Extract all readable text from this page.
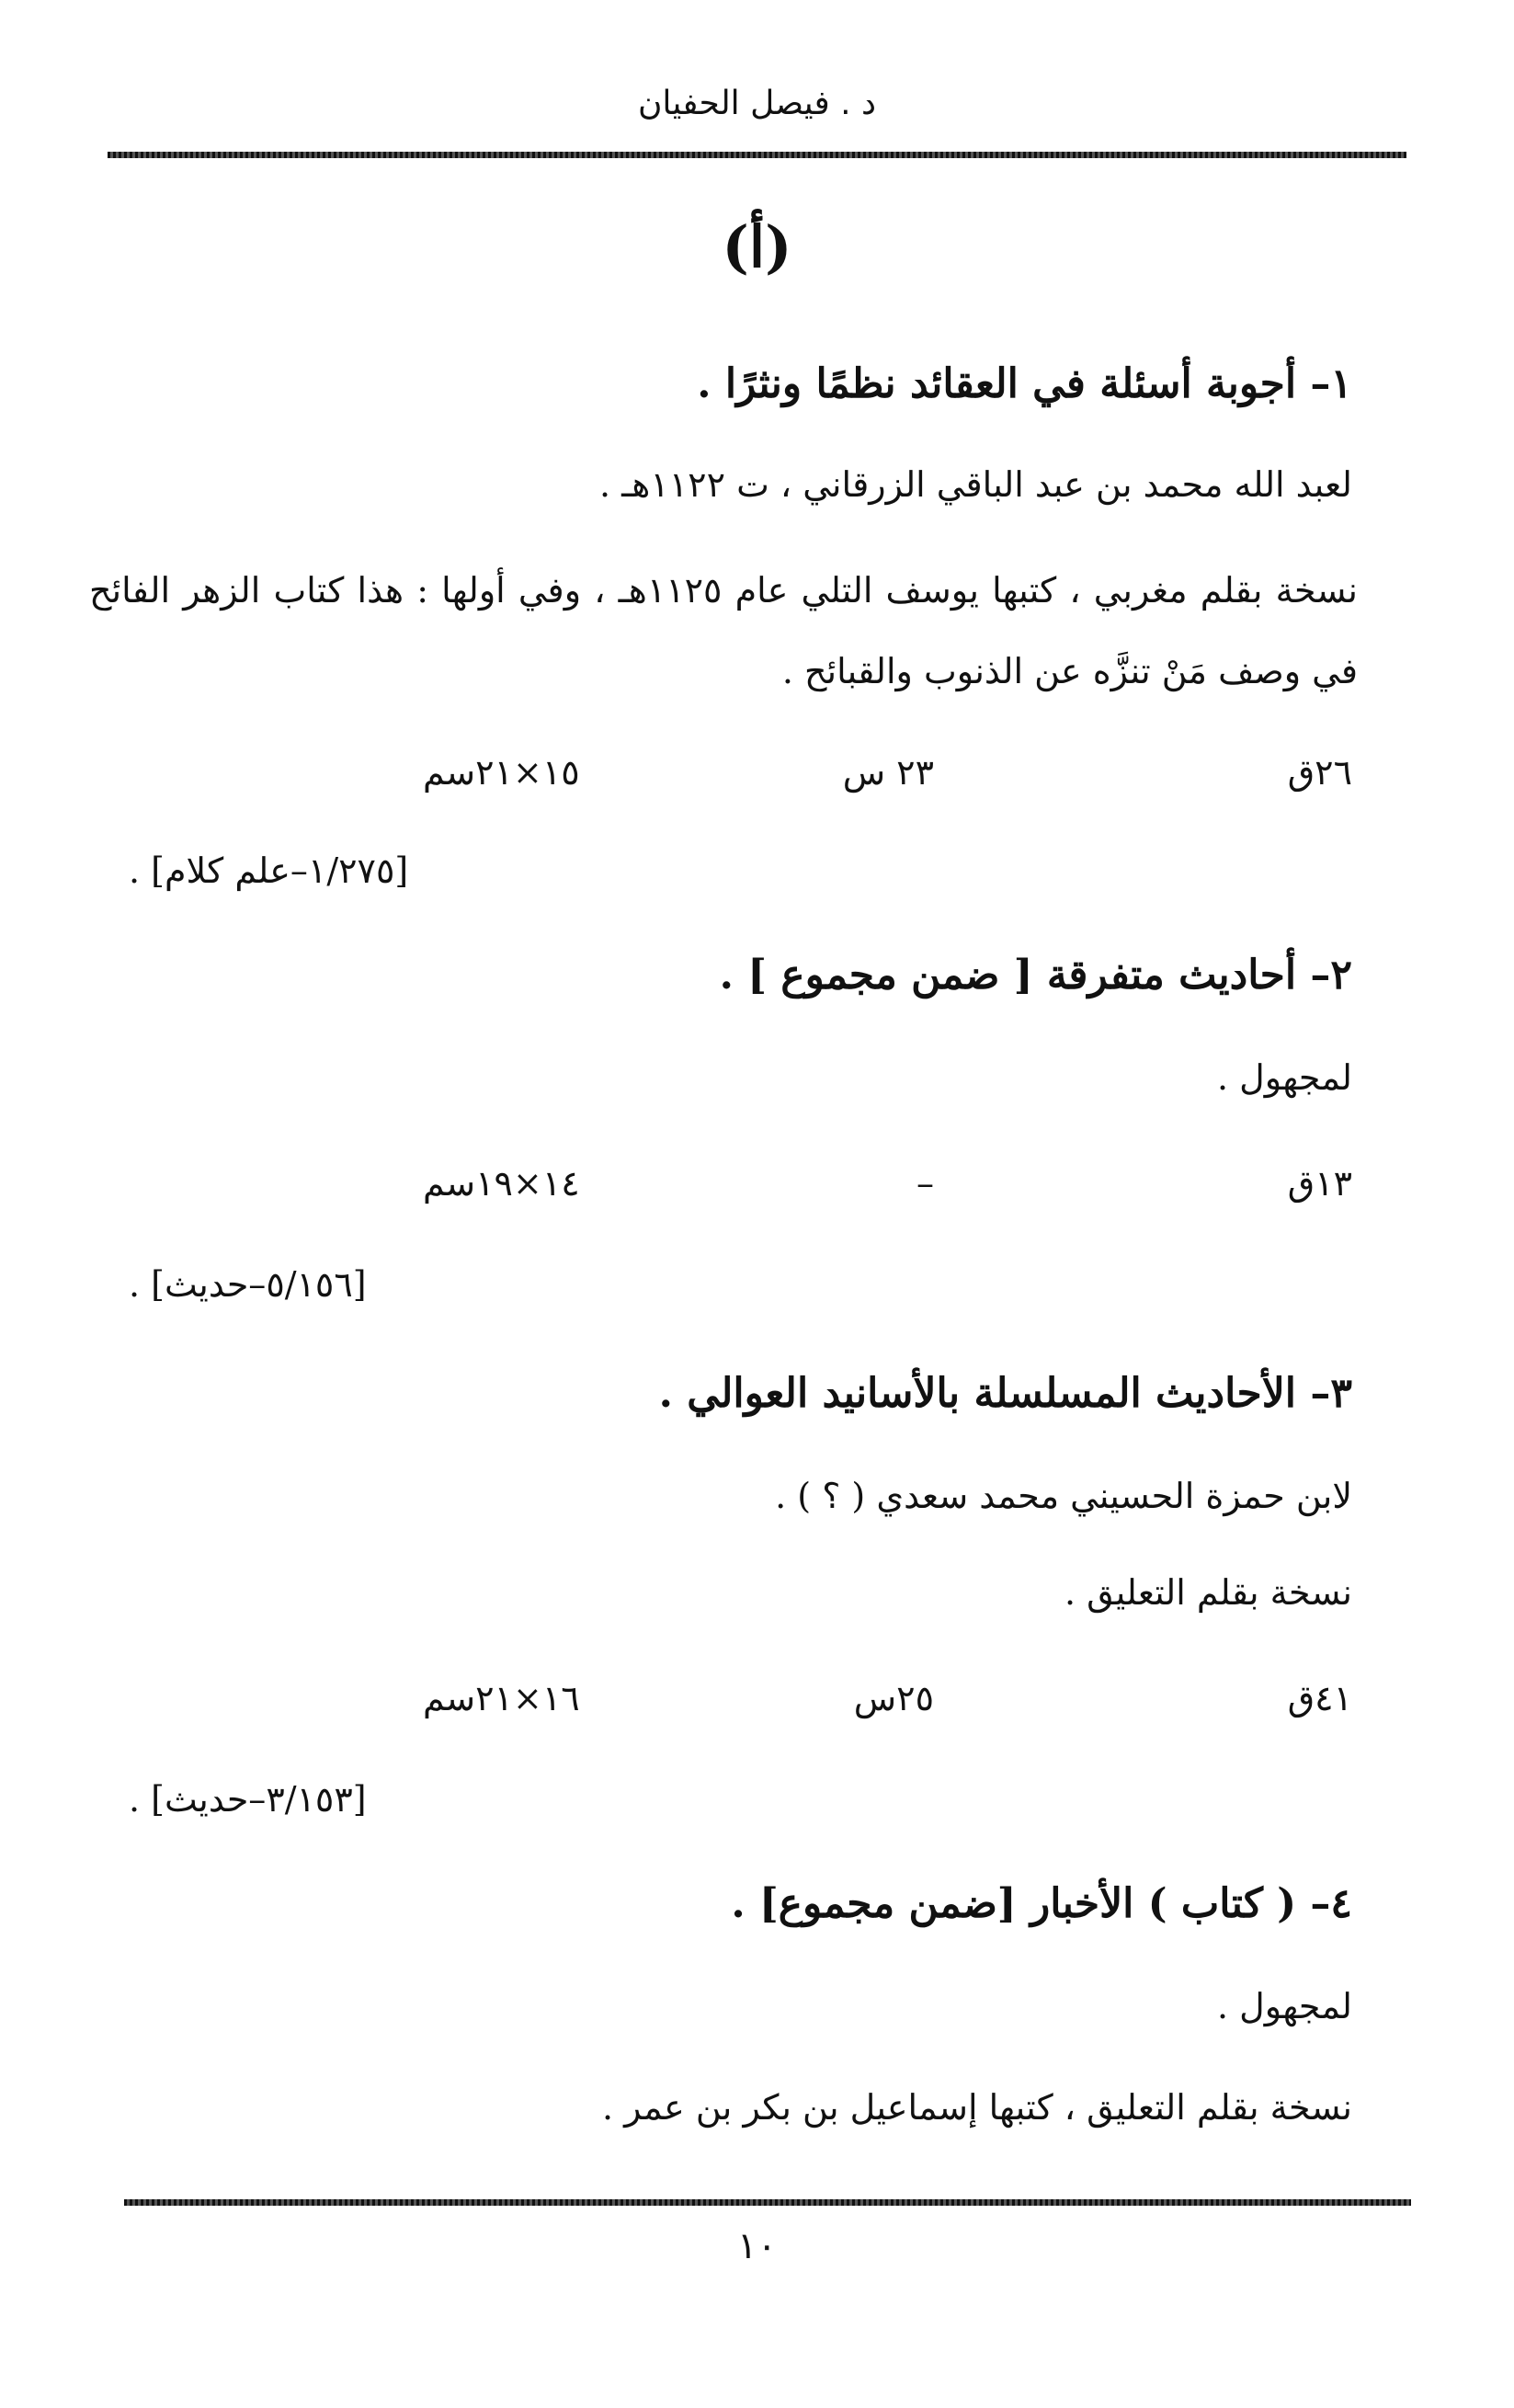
د . فيصل الحفيان
(أ)
١– أجوبة أسئلة في العقائد نظمًا ونثرًا .
لعبد الله محمد بن عبد الباقي الزرقاني ، ت ١١٢٢هـ .
نسخة بقلم مغربي ، كتبها يوسف التلي عام ١١٢٥هـ ، وفي أولها : هذا كتاب الزهر الفائح في وصف مَنْ تنزَّه عن الذنوب والقبائح .
٢٦ق
٢٣ س
١٥×٢١سم
[١/٢٧٥–علم كلام] .
٢– أحاديث متفرقة [ ضمن مجموع ] .
لمجهول .
١٣ق
–
١٤×١٩سم
[٥/١٥٦–حديث] .
٣– الأحاديث المسلسلة بالأسانيد العوالي .
لابن حمزة الحسيني محمد سعدي ( ؟ ) .
نسخة بقلم التعليق .
٤١ق
٢٥س
١٦×٢١سم
[٣/١٥٣–حديث] .
٤– ( كتاب ) الأخبار [ضمن مجموع] .
لمجهول .
نسخة بقلم التعليق ، كتبها إسماعيل بن بكر بن عمر .
١٠
